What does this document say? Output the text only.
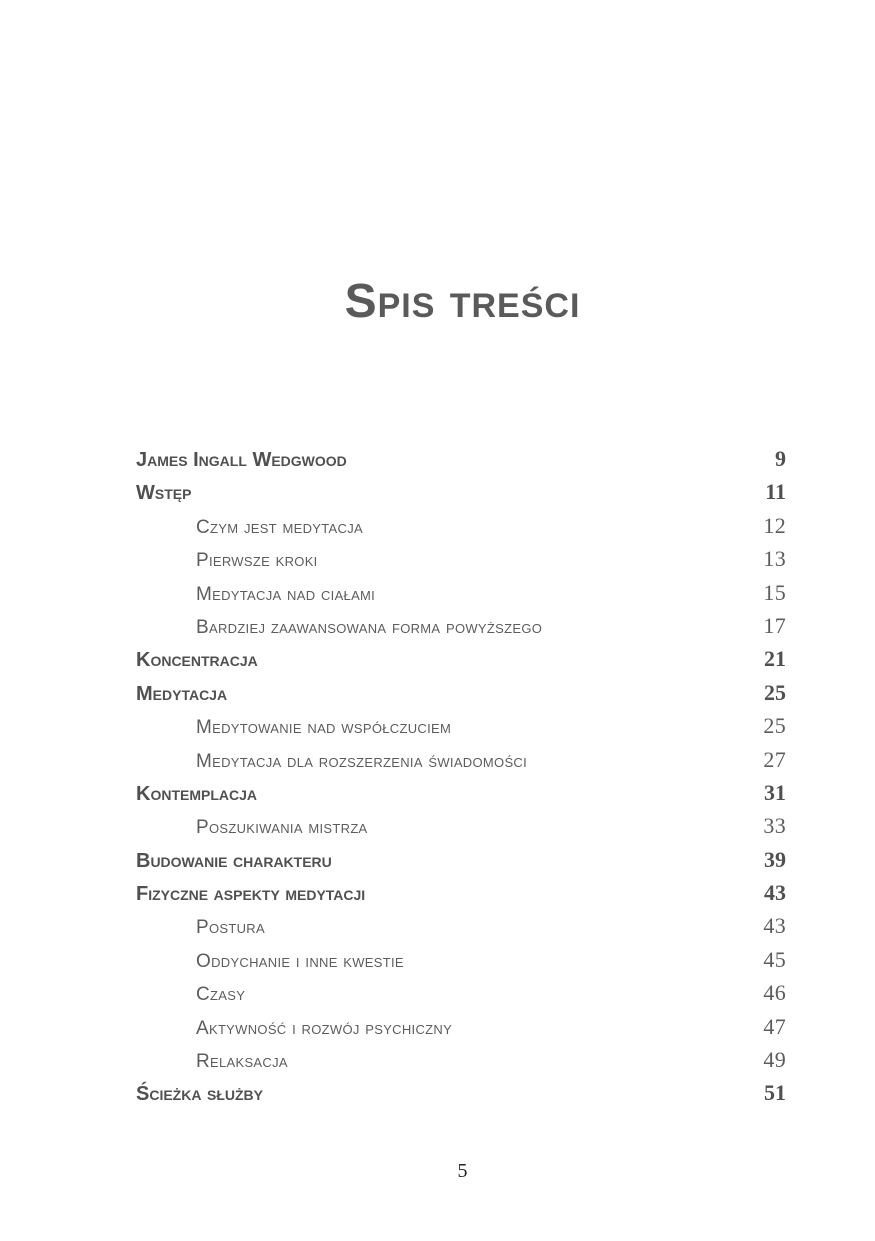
Spis treści
James Ingall Wedgwood	9
Wstęp	11
Czym jest medytacja	12
Pierwsze kroki	13
Medytacja nad ciałami	15
Bardziej zaawansowana forma powyższego	17
Koncentracja	21
Medytacja	25
Medytowanie nad współczuciem	25
Medytacja dla rozszerzenia świadomości	27
Kontemplacja	31
Poszukiwania mistrza	33
Budowanie charakteru	39
Fizyczne aspekty medytacji	43
Postura	43
Oddychanie i inne kwestie	45
Czasy	46
Aktywność i rozwój psychiczny	47
Relaksacja	49
Ścieżka służby	51
5
